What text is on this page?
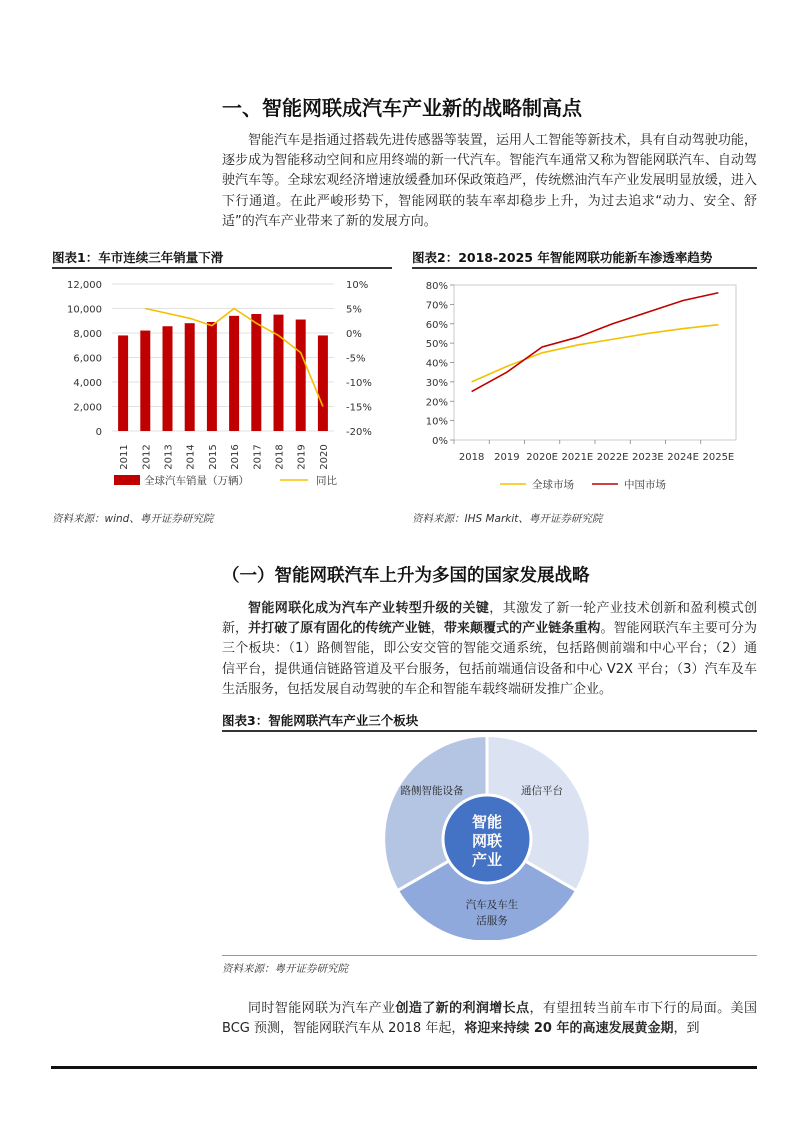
一、智能网联成汽车产业新的战略制高点
智能汽车是指通过搭载先进传感器等装置，运用人工智能等新技术，具有自动驾驶功能，逐步成为智能移动空间和应用终端的新一代汽车。智能汽车通常又称为智能网联汽车、自动驾驶汽车等。全球宏观经济增速放缓叠加环保政策趋严，传统燃油汽车产业发展明显放缓，进入下行通道。在此严峻形势下，智能网联的装车率却稳步上升，为过去追求“动力、安全、舒适”的汽车产业带来了新的发展方向。
图表1：车市连续三年销量下滑
12,000	10%
10,000	5%
8,000	0%
6,000	-5%
4,000	-10%
2,000	-15%
0	-20%
2011 2012 2013 2014 2015 2016 2017 2018 2019 2020
全球汽车销量（万辆）	同比
资料来源：wind、粤开证券研究院
图表2：2018-2025 年智能网联功能新车渗透率趋势
80%
70%
60%
50%
40%
30%
20%
10%
0%
2018 2019 2020E 2021E 2022E 2023E 2024E 2025E
全球市场	中国市场
资料来源：IHS Markit、粤开证券研究院
（一）智能网联汽车上升为多国的国家发展战略
智能网联化成为汽车产业转型升级的关键，其激发了新一轮产业技术创新和盈利模式创新，并打破了原有固化的传统产业链，带来颠覆式的产业链条重构。智能网联汽车主要可分为三个板块：（1）路侧智能，即公安交管的智能交通系统，包括路侧前端和中心平台；（2）通信平台，提供通信链路管道及平台服务，包括前端通信设备和中心 V2X 平台；（3）汽车及车生活服务，包括发展自动驾驶的车企和智能车载终端研发推广企业。
图表3：智能网联汽车产业三个板块
智能
网联
产业
路侧智能设备	通信平台
汽车及车生
活服务
资料来源：粤开证券研究院
同时智能网联为汽车产业创造了新的利润增长点，有望扭转当前车市下行的局面。美国 BCG 预测，智能网联汽车从 2018 年起，将迎来持续 20 年的高速发展黄金期，到
